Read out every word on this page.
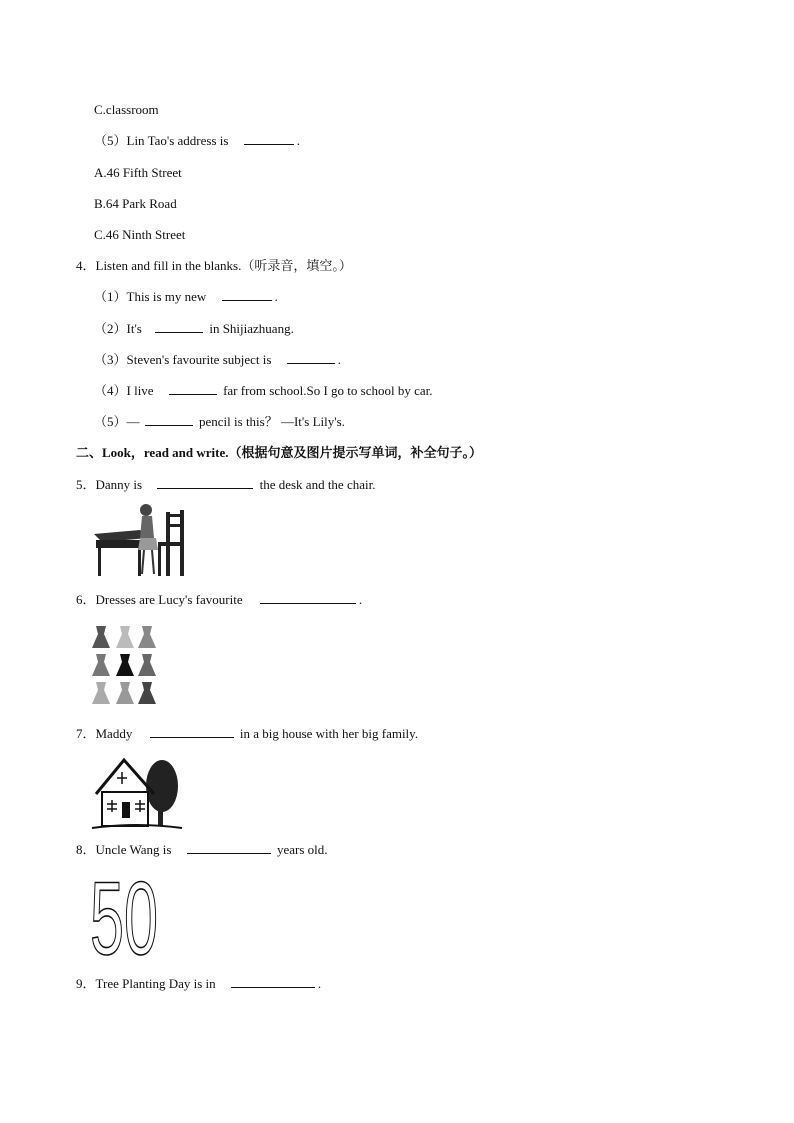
C.classroom
（5）Lin Tao's address is	.
A.46 Fifth Street
B.64 Park Road
C.46 Ninth Street
4．Listen and fill in the blanks.（听录音，填空。）
（1）This is my new	.
（2）It's	in Shijiazhuang.
（3）Steven's favourite subject is	.
（4）I live	far from school.So I go to school by car.
（5）—	pencil is this？ —It's Lily's.
二、Look，read and write.（根据句意及图片提示写单词，补全句子。）
5．Danny is	the desk and the chair.
6．Dresses are Lucy's favourite	.
7．Maddy	in a big house with her big family.
8．Uncle Wang is	years old.
50
9．Tree Planting Day is in	.
